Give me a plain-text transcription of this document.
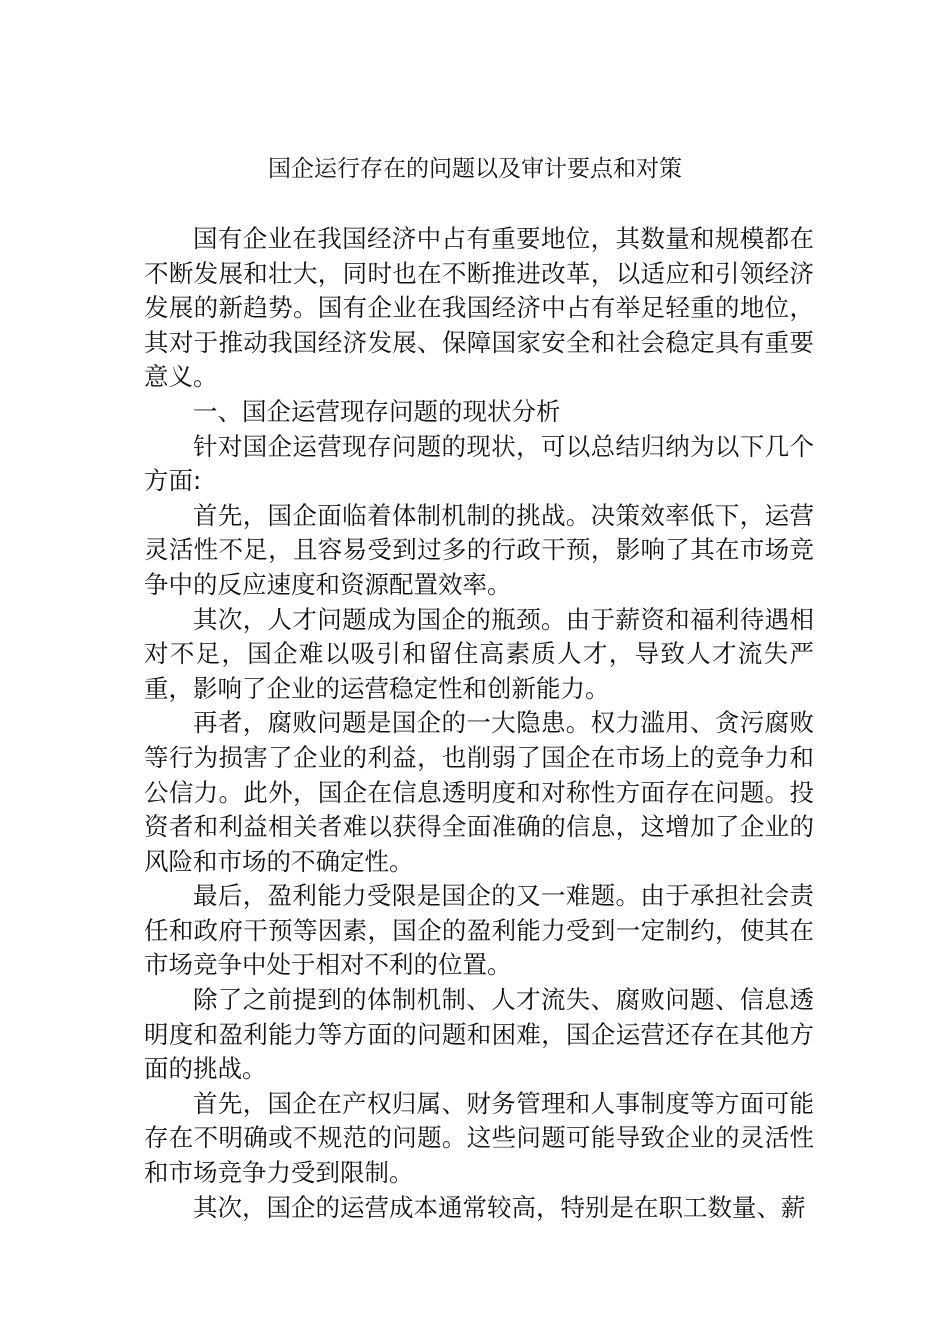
国企运行存在的问题以及审计要点和对策

国有企业在我国经济中占有重要地位，其数量和规模都在不断发展和壮大，同时也在不断推进改革，以适应和引领经济发展的新趋势。国有企业在我国经济中占有举足轻重的地位，其对于推动我国经济发展、保障国家安全和社会稳定具有重要意义。

一、国企运营现存问题的现状分析

针对国企运营现存问题的现状，可以总结归纳为以下几个方面:

首先，国企面临着体制机制的挑战。决策效率低下，运营灵活性不足，且容易受到过多的行政干预，影响了其在市场竞争中的反应速度和资源配置效率。

其次，人才问题成为国企的瓶颈。由于薪资和福利待遇相对不足，国企难以吸引和留住高素质人才，导致人才流失严重，影响了企业的运营稳定性和创新能力。

再者，腐败问题是国企的一大隐患。权力滥用、贪污腐败等行为损害了企业的利益，也削弱了国企在市场上的竞争力和公信力。此外，国企在信息透明度和对称性方面存在问题。投资者和利益相关者难以获得全面准确的信息，这增加了企业的风险和市场的不确定性。

最后，盈利能力受限是国企的又一难题。由于承担社会责任和政府干预等因素，国企的盈利能力受到一定制约，使其在市场竞争中处于相对不利的位置。

除了之前提到的体制机制、人才流失、腐败问题、信息透明度和盈利能力等方面的问题和困难，国企运营还存在其他方面的挑战。

首先，国企在产权归属、财务管理和人事制度等方面可能存在不明确或不规范的问题。这些问题可能导致企业的灵活性和市场竞争力受到限制。

其次，国企的运营成本通常较高，特别是在职工数量、薪
